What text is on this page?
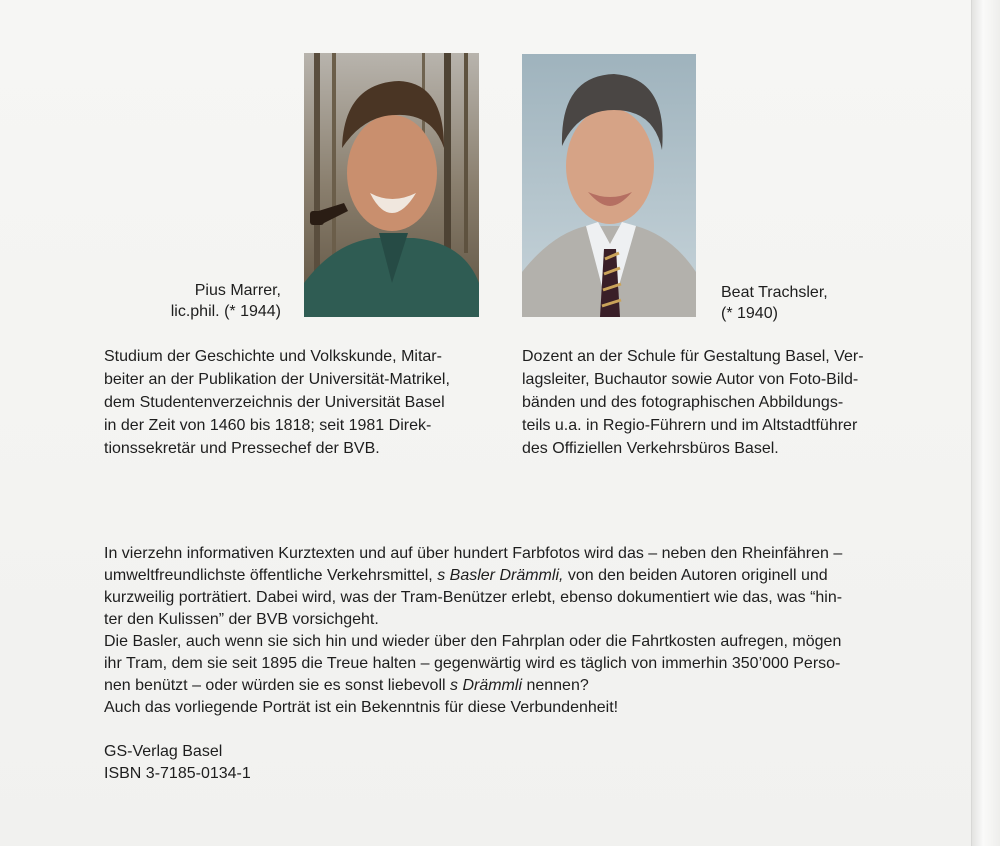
Pius Marrer,
lic.phil. (* 1944)
Beat Trachsler,
(* 1940)
Studium der Geschichte und Volkskunde, Mitar-
beiter an der Publikation der Universität-Matrikel,
dem Studentenverzeichnis der Universität Basel
in der Zeit von 1460 bis 1818; seit 1981 Direk-
tionssekretär und Pressechef der BVB.
Dozent an der Schule für Gestaltung Basel, Ver-
lagsleiter, Buchautor sowie Autor von Foto-Bild-
bänden und des fotographischen Abbildungs-
teils u.a. in Regio-Führern und im Altstadtführer
des Offiziellen Verkehrsbüros Basel.
In vierzehn informativen Kurztexten und auf über hundert Farbfotos wird das – neben den Rheinfähren –
umweltfreundlichste öffentliche Verkehrsmittel, s Basler Drämmli, von den beiden Autoren originell und
kurzweilig porträtiert. Dabei wird, was der Tram-Benützer erlebt, ebenso dokumentiert wie das, was “hin-
ter den Kulissen” der BVB vorsichgeht.
Die Basler, auch wenn sie sich hin und wieder über den Fahrplan oder die Fahrtkosten aufregen, mögen
ihr Tram, dem sie seit 1895 die Treue halten – gegenwärtig wird es täglich von immerhin 350’000 Perso-
nen benützt – oder würden sie es sonst liebevoll s Drämmli nennen?
Auch das vorliegende Porträt ist ein Bekenntnis für diese Verbundenheit!
GS-Verlag Basel
ISBN 3-7185-0134-1
